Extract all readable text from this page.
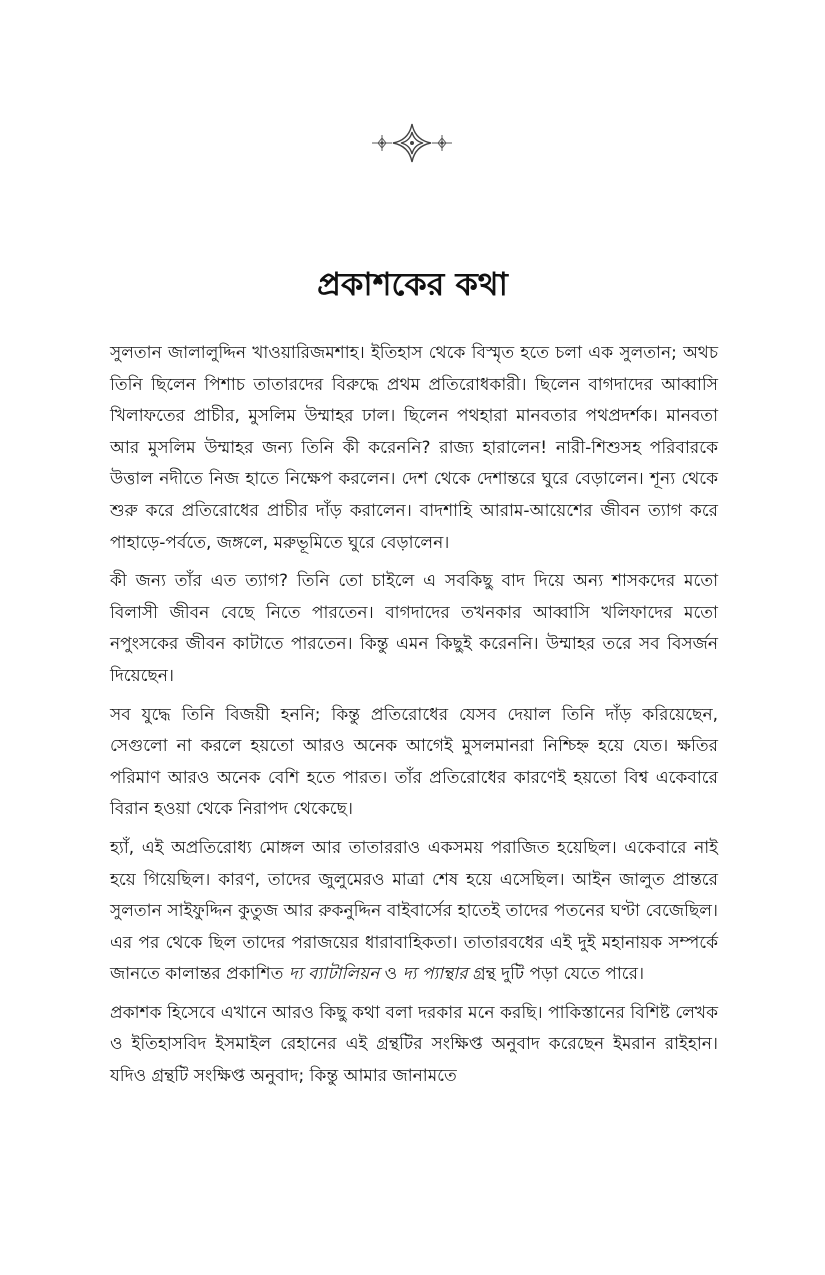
প্রকাশকের কথা

সুলতান জালালুদ্দিন খাওয়ারিজমশাহ। ইতিহাস থেকে বিস্মৃত হতে চলা এক সুলতান; অথচ তিনি ছিলেন পিশাচ তাতারদের বিরুদ্ধে প্রথম প্রতিরোধকারী। ছিলেন বাগদাদের আব্বাসি খিলাফতের প্রাচীর, মুসলিম উম্মাহর ঢাল। ছিলেন পথহারা মানবতার পথপ্রদর্শক। মানবতা আর মুসলিম উম্মাহর জন্য তিনি কী করেননি? রাজ্য হারালেন! নারী-শিশুসহ পরিবারকে উত্তাল নদীতে নিজ হাতে নিক্ষেপ করলেন। দেশ থেকে দেশান্তরে ঘুরে বেড়ালেন। শূন্য থেকে শুরু করে প্রতিরোধের প্রাচীর দাঁড় করালেন। বাদশাহি আরাম-আয়েশের জীবন ত্যাগ করে পাহাড়ে-পর্বতে, জঙ্গলে, মরুভূমিতে ঘুরে বেড়ালেন।

কী জন্য তাঁর এত ত্যাগ? তিনি তো চাইলে এ সবকিছু বাদ দিয়ে অন্য শাসকদের মতো বিলাসী জীবন বেছে নিতে পারতেন। বাগদাদের তখনকার আব্বাসি খলিফাদের মতো নপুংসকের জীবন কাটাতে পারতেন। কিন্তু এমন কিছুই করেননি। উম্মাহর তরে সব বিসর্জন দিয়েছেন।

সব যুদ্ধে তিনি বিজয়ী হননি; কিন্তু প্রতিরোধের যেসব দেয়াল তিনি দাঁড় করিয়েছেন, সেগুলো না করলে হয়তো আরও অনেক আগেই মুসলমানরা নিশ্চিহ্ন হয়ে যেত। ক্ষতির পরিমাণ আরও অনেক বেশি হতে পারত। তাঁর প্রতিরোধের কারণেই হয়তো বিশ্ব একেবারে বিরান হওয়া থেকে নিরাপদ থেকেছে।

হ্যাঁ, এই অপ্রতিরোধ্য মোঙ্গল আর তাতাররাও একসময় পরাজিত হয়েছিল। একেবারে নাই হয়ে গিয়েছিল। কারণ, তাদের জুলুমেরও মাত্রা শেষ হয়ে এসেছিল। আইন জালুত প্রান্তরে সুলতান সাইফুদ্দিন কুতুজ আর রুকনুদ্দিন বাইবার্সের হাতেই তাদের পতনের ঘণ্টা বেজেছিল। এর পর থেকে ছিল তাদের পরাজয়ের ধারাবাহিকতা। তাতারবধের এই দুই মহানায়ক সম্পর্কে জানতে কালান্তর প্রকাশিত দ্য ব্যাটালিয়ন ও দ্য প্যান্থার গ্রন্থ দুটি পড়া যেতে পারে।

প্রকাশক হিসেবে এখানে আরও কিছু কথা বলা দরকার মনে করছি। পাকিস্তানের বিশিষ্ট লেখক ও ইতিহাসবিদ ইসমাইল রেহানের এই গ্রন্থটির সংক্ষিপ্ত অনুবাদ করেছেন ইমরান রাইহান। যদিও গ্রন্থটি সংক্ষিপ্ত অনুবাদ; কিন্তু আমার জানামতে
